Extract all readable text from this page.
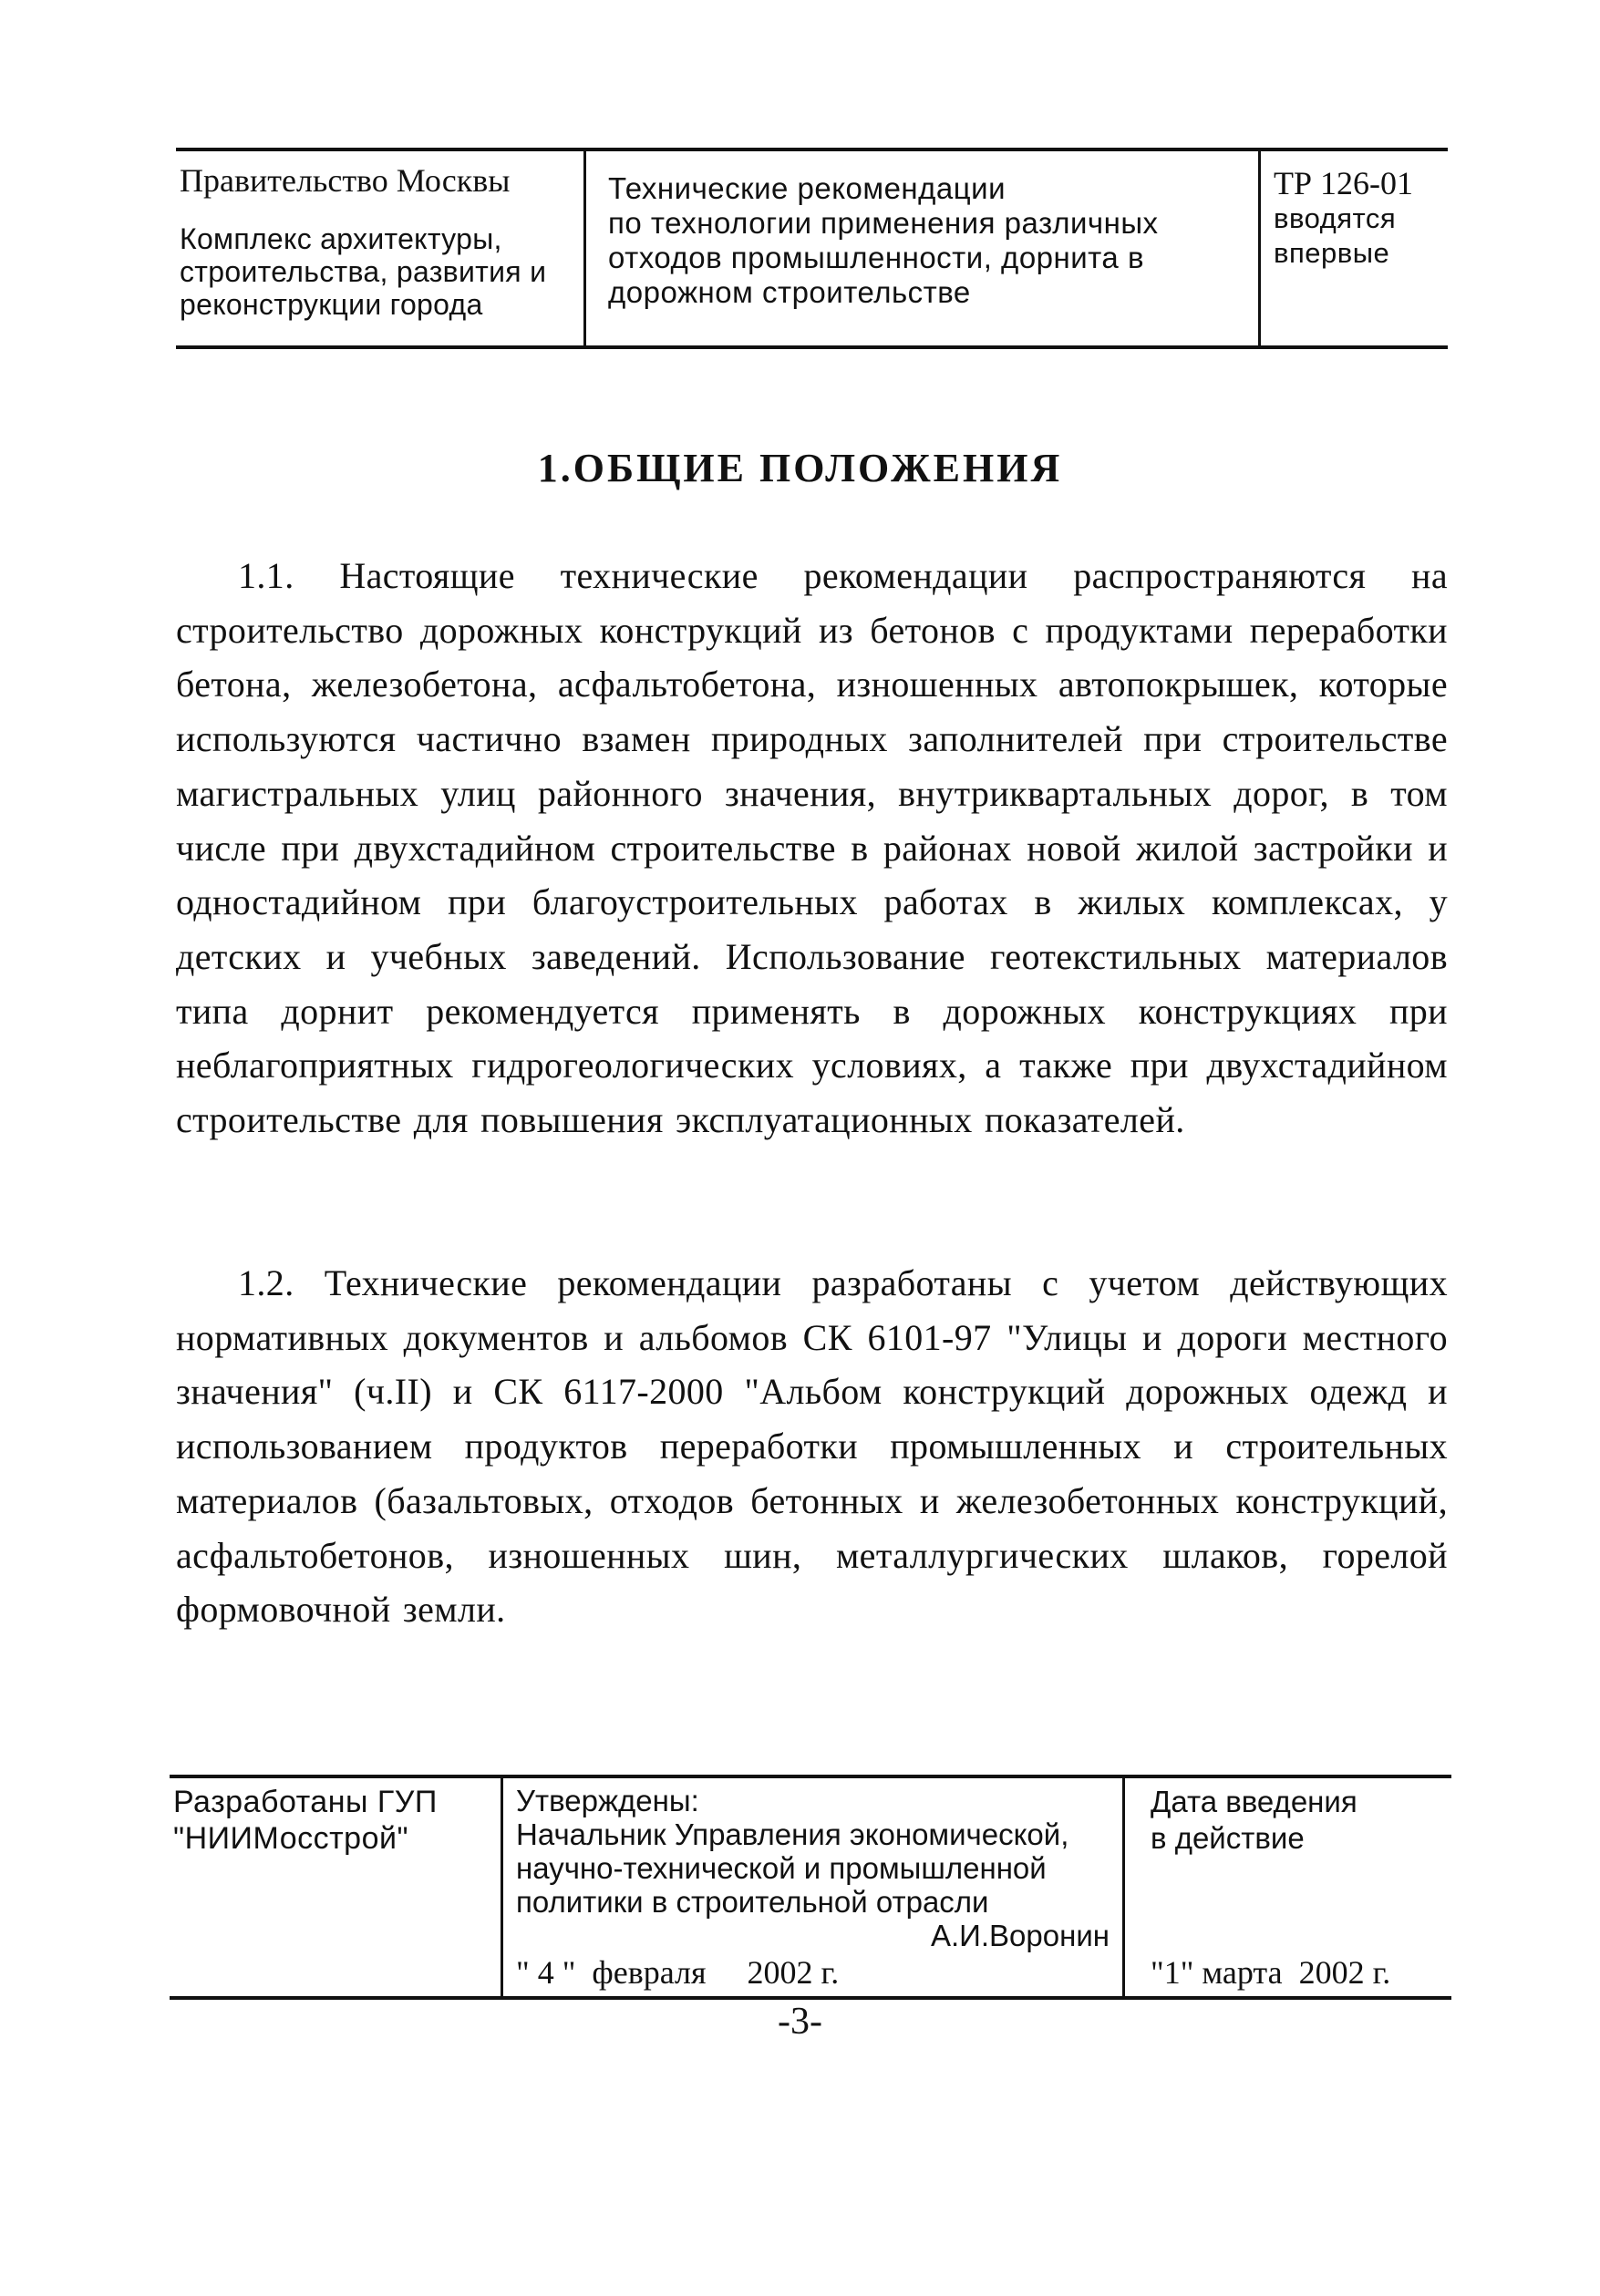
Правительство Москвы
Комплекс архитектуры,
строительства, развития и
реконструкции города
Технические рекомендации
по технологии применения различных
отходов промышленности, дорнита в
дорожном строительстве
ТР 126-01
вводятся
впервые
1.ОБЩИЕ ПОЛОЖЕНИЯ

1.1. Настоящие технические рекомендации распространяются на строительство дорожных конструкций из бетонов с продуктами переработки бетона, железобетона, асфальтобетона, изношенных автопокрышек, которые используются частично взамен природных заполнителей при строительстве магистральных улиц районного значения, внутриквартальных дорог, в том числе при двухстадийном строительстве в районах новой жилой застройки и одностадийном при благоустроительных работах в жилых комплексах, у детских и учебных заведений. Использование геотекстильных материалов типа дорнит рекомендуется применять в дорожных конструкциях при неблагоприятных гидрогеологических условиях, а также при двухстадийном строительстве для повышения эксплуатационных показателей.

1.2. Технические рекомендации разработаны с учетом действующих нормативных документов и альбомов СК 6101-97 "Улицы и дороги местного значения" (ч.II) и СК 6117-2000 "Альбом конструкций дорожных одежд и использованием продуктов переработки промышленных и строительных материалов (базальтовых, отходов бетонных и железобетонных конструкций, асфальтобетонов, изношенных шин, металлургических шлаков, горелой формовочной земли.

Разработаны ГУП
"НИИМосстрой"
Утверждены:
Начальник Управления экономической,
научно-технической и промышленной
политики в строительной отрасли
А.И.Воронин
" 4 "  февраля     2002 г.
Дата введения
в действие
"1" марта  2002 г.
-3-
